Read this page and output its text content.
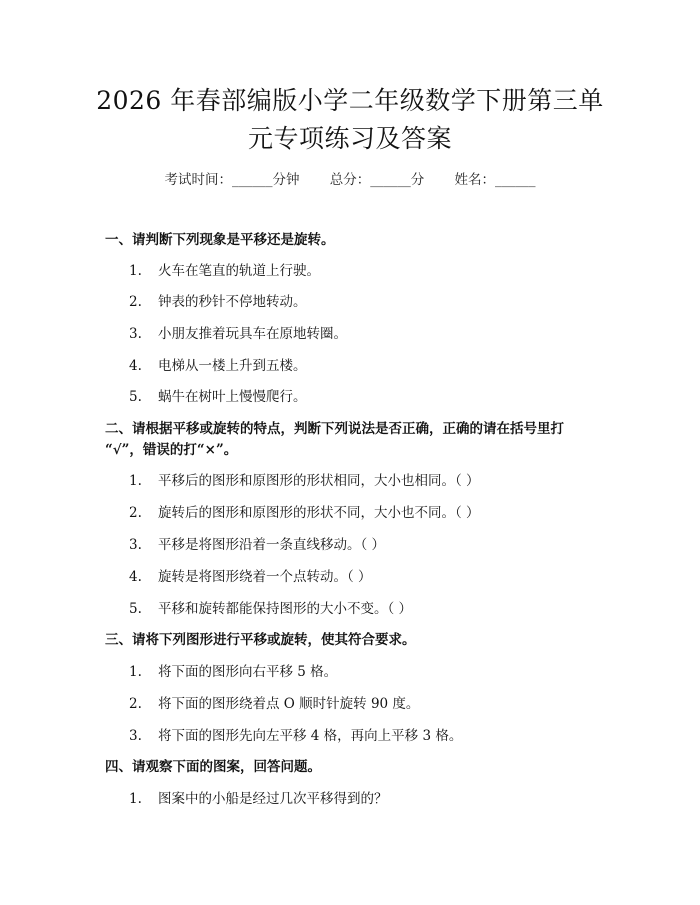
2026 年春部编版小学二年级数学下册第三单
元专项练习及答案
考试时间：______分钟 总分：______分 姓名：______
一、请判断下列现象是平移还是旋转。
1. 火车在笔直的轨道上行驶。
2. 钟表的秒针不停地转动。
3. 小朋友推着玩具车在原地转圈。
4. 电梯从一楼上升到五楼。
5. 蜗牛在树叶上慢慢爬行。
二、请根据平移或旋转的特点，判断下列说法是否正确，正确的请在括号里打
“√”，错误的打“×”。
1. 平移后的图形和原图形的形状相同，大小也相同。（ ）
2. 旋转后的图形和原图形的形状不同，大小也不同。（ ）
3. 平移是将图形沿着一条直线移动。（ ）
4. 旋转是将图形绕着一个点转动。（ ）
5. 平移和旋转都能保持图形的大小不变。（ ）
三、请将下列图形进行平移或旋转，使其符合要求。
1. 将下面的图形向右平移 5 格。
2. 将下面的图形绕着点 O 顺时针旋转 90 度。
3. 将下面的图形先向左平移 4 格，再向上平移 3 格。
四、请观察下面的图案，回答问题。
1. 图案中的小船是经过几次平移得到的？
